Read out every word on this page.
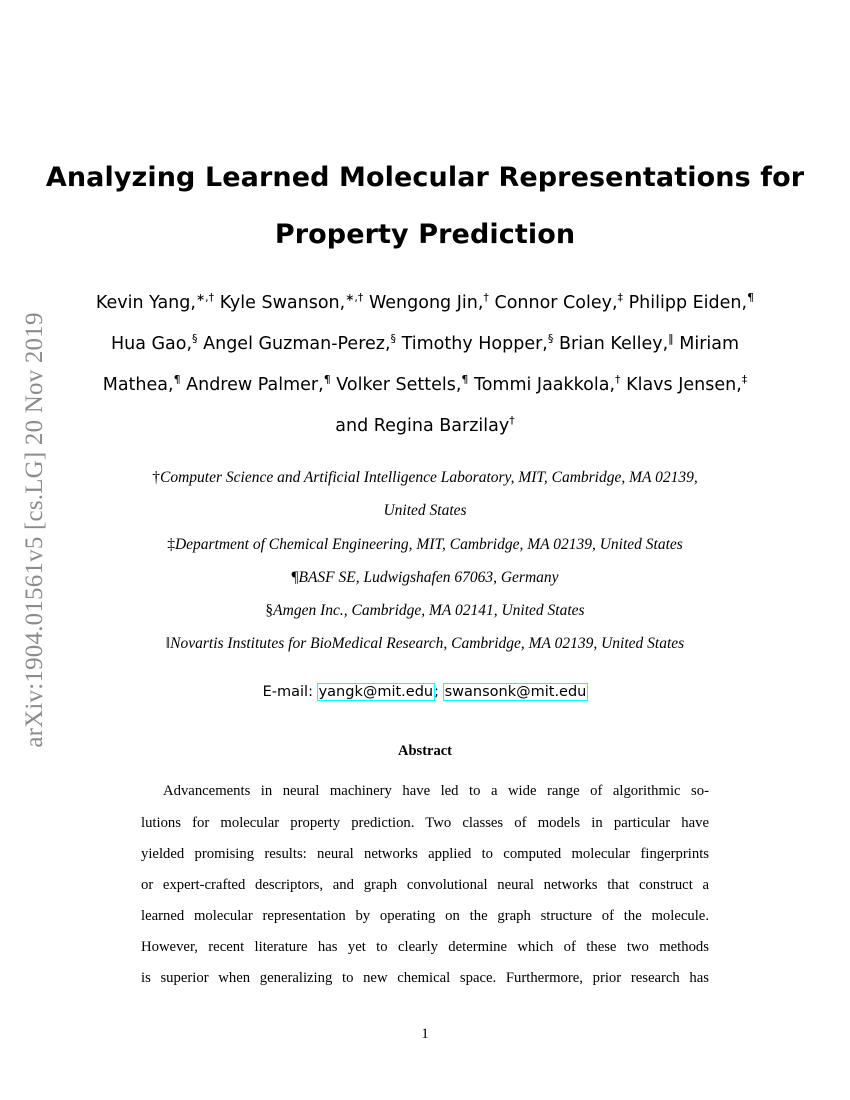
arXiv:1904.01561v5 [cs.LG] 20 Nov 2019
Analyzing Learned Molecular Representations for
Property Prediction
Kevin Yang,∗,† Kyle Swanson,∗,† Wengong Jin,† Connor Coley,‡ Philipp Eiden,¶
Hua Gao,§ Angel Guzman-Perez,§ Timothy Hopper,§ Brian Kelley,‖ Miriam
Mathea,¶ Andrew Palmer,¶ Volker Settels,¶ Tommi Jaakkola,† Klavs Jensen,‡
and Regina Barzilay†
†Computer Science and Artificial Intelligence Laboratory, MIT, Cambridge, MA 02139,
United States
‡Department of Chemical Engineering, MIT, Cambridge, MA 02139, United States
¶BASF SE, Ludwigshafen 67063, Germany
§Amgen Inc., Cambridge, MA 02141, United States
‖Novartis Institutes for BioMedical Research, Cambridge, MA 02139, United States
E-mail: yangk@mit.edu; swansonk@mit.edu
Abstract
Advancements in neural machinery have led to a wide range of algorithmic so-
lutions for molecular property prediction. Two classes of models in particular have
yielded promising results: neural networks applied to computed molecular fingerprints
or expert-crafted descriptors, and graph convolutional neural networks that construct a
learned molecular representation by operating on the graph structure of the molecule.
However, recent literature has yet to clearly determine which of these two methods
is superior when generalizing to new chemical space. Furthermore, prior research has
1
